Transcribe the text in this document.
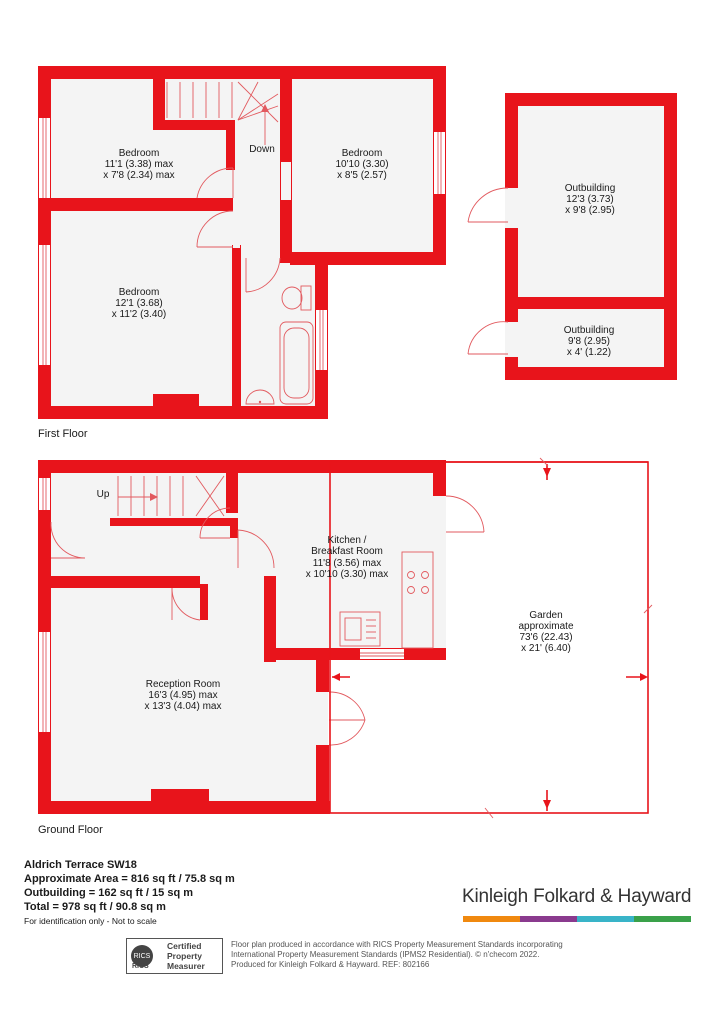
Down
Bedroom
11'1 (3.38) max
x 7'8 (2.34) max
Bedroom
10'10 (3.30)
x 8'5 (2.57)
Bedroom
12'1 (3.68)
x 11'2 (3.40)
Outbuilding
12'3 (3.73)
x 9'8 (2.95)
Outbuilding
9'8 (2.95)
x 4' (1.22)
Up
Kitchen /
Breakfast Room
11'8 (3.56) max
x 10'10 (3.30) max
Garden
approximate
73'6 (22.43)
x 21' (6.40)
Reception Room
16'3 (4.95) max
x 13'3 (4.04) max
First Floor
Ground Floor
Aldrich Terrace SW18
Approximate Area = 816 sq ft / 75.8 sq m
Outbuilding = 162 sq ft / 15 sq m
Total = 978 sq ft / 90.8 sq m
For identification only - Not to scale
Kinleigh Folkard & Hayward
RICS
RICS
Certified
Property
Measurer
Floor plan produced in accordance with RICS Property Measurement Standards incorporating
International Property Measurement Standards (IPMS2 Residential). © n'checom 2022.
Produced for Kinleigh Folkard & Hayward. REF: 802166
